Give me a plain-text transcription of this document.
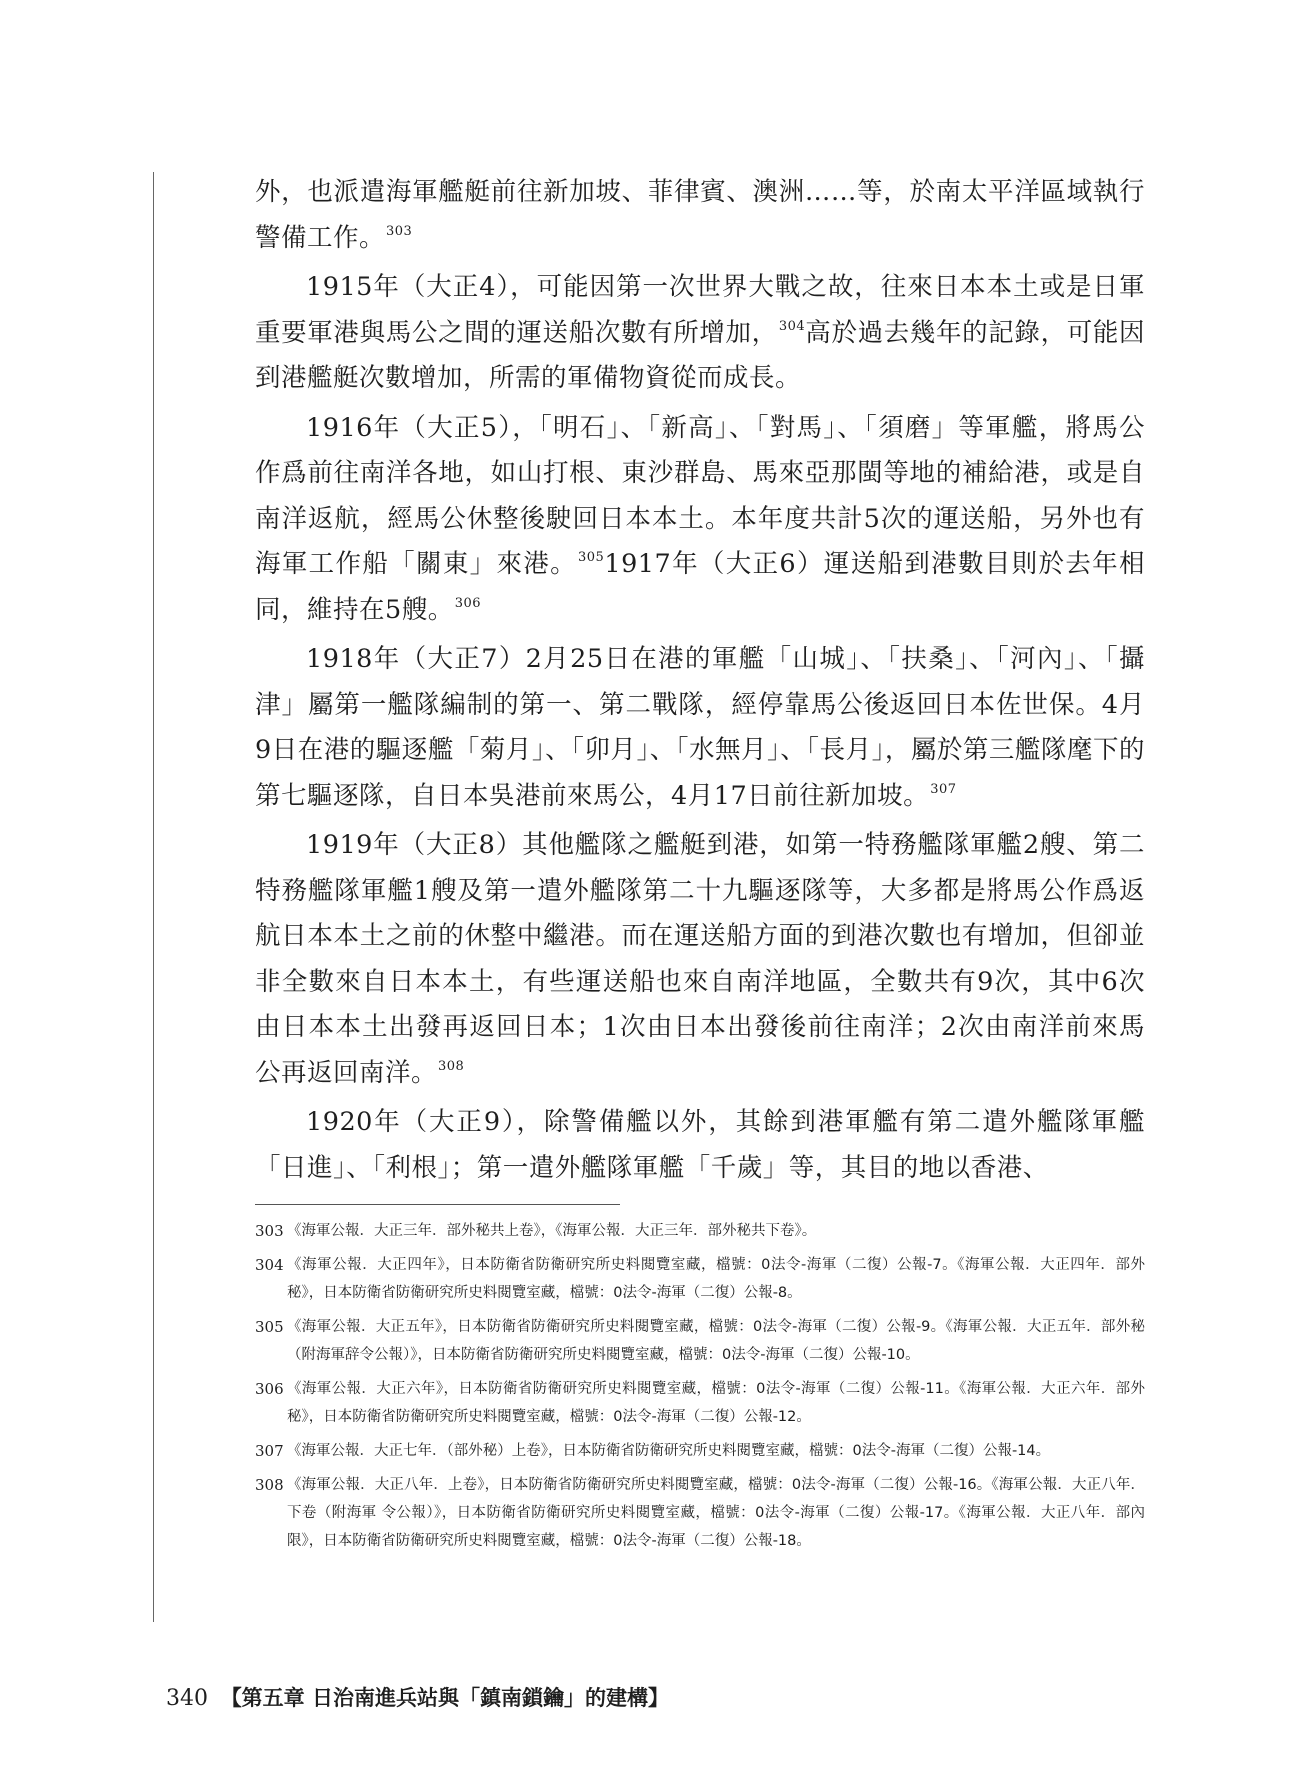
外，也派遣海軍艦艇前往新加坡、菲律賓、澳洲……等，於南太平洋區域執行警備工作。$^{303}$

1915年（大正4），可能因第一次世界大戰之故，往來日本本土或是日軍重要軍港與馬公之間的運送船次數有所增加，$^{304}$高於過去幾年的記錄，可能因到港艦艇次數增加，所需的軍備物資從而成長。

1916年（大正5），「明石」、「新高」、「對馬」、「須磨」等軍艦，將馬公作爲前往南洋各地，如山打根、東沙群島、馬來亞那閩等地的補給港，或是自南洋返航，經馬公休整後駛回日本本土。本年度共計5次的運送船，另外也有海軍工作船「關東」來港。$^{305}$1917年（大正6）運送船到港數目則於去年相同，維持在5艘。$^{306}$

1918年（大正7）2月25日在港的軍艦「山城」、「扶桑」、「河內」、「攝津」屬第一艦隊編制的第一、第二戰隊，經停靠馬公後返回日本佐世保。4月9日在港的驅逐艦「菊月」、「卯月」、「水無月」、「長月」，屬於第三艦隊麾下的第七驅逐隊，自日本吳港前來馬公，4月17日前往新加坡。$^{307}$

1919年（大正8）其他艦隊之艦艇到港，如第一特務艦隊軍艦2艘、第二特務艦隊軍艦1艘及第一遣外艦隊第二十九驅逐隊等，大多都是將馬公作爲返航日本本土之前的休整中繼港。而在運送船方面的到港次數也有增加，但卻並非全數來自日本本土，有些運送船也來自南洋地區，全數共有9次，其中6次由日本本土出發再返回日本；1次由日本出發後前往南洋；2次由南洋前來馬公再返回南洋。$^{308}$

1920年（大正9），除警備艦以外，其餘到港軍艦有第二遣外艦隊軍艦「日進」、「利根」；第一遣外艦隊軍艦「千歲」等，其目的地以香港、

303 《海軍公報．大正三年．部外秘共上卷》，《海軍公報．大正三年．部外秘共下卷》。
304 《海軍公報．大正四年》，日本防衛省防衛研究所史料閱覽室藏，檔號：0法令-海軍（二復）公報-7。《海軍公報．大正四年．部外秘》，日本防衛省防衛研究所史料閱覽室藏，檔號：0法令-海軍（二復）公報-8。
305 《海軍公報．大正五年》，日本防衛省防衛研究所史料閱覽室藏，檔號：0法令-海軍（二復）公報-9。《海軍公報．大正五年．部外秘（附海軍辞令公報）》，日本防衛省防衛研究所史料閱覽室藏，檔號：0法令-海軍（二復）公報-10。
306 《海軍公報．大正六年》，日本防衛省防衛研究所史料閱覽室藏，檔號：0法令-海軍（二復）公報-11。《海軍公報．大正六年．部外秘》，日本防衛省防衛研究所史料閱覽室藏，檔號：0法令-海軍（二復）公報-12。
307 《海軍公報．大正七年．（部外秘）上卷》，日本防衛省防衛研究所史料閱覽室藏，檔號：0法令-海軍（二復）公報-14。
308 《海軍公報．大正八年．上卷》，日本防衛省防衛研究所史料閱覽室藏，檔號：0法令-海軍（二復）公報-16。《海軍公報．大正八年．下卷（附海軍 令公報）》，日本防衛省防衛研究所史料閱覽室藏，檔號：0法令-海軍（二復）公報-17。《海軍公報．大正八年．部內限》，日本防衛省防衛研究所史料閱覽室藏，檔號：0法令-海軍（二復）公報-18。
340 【第五章 日治南進兵站與「鎮南鎖鑰」的建構】
